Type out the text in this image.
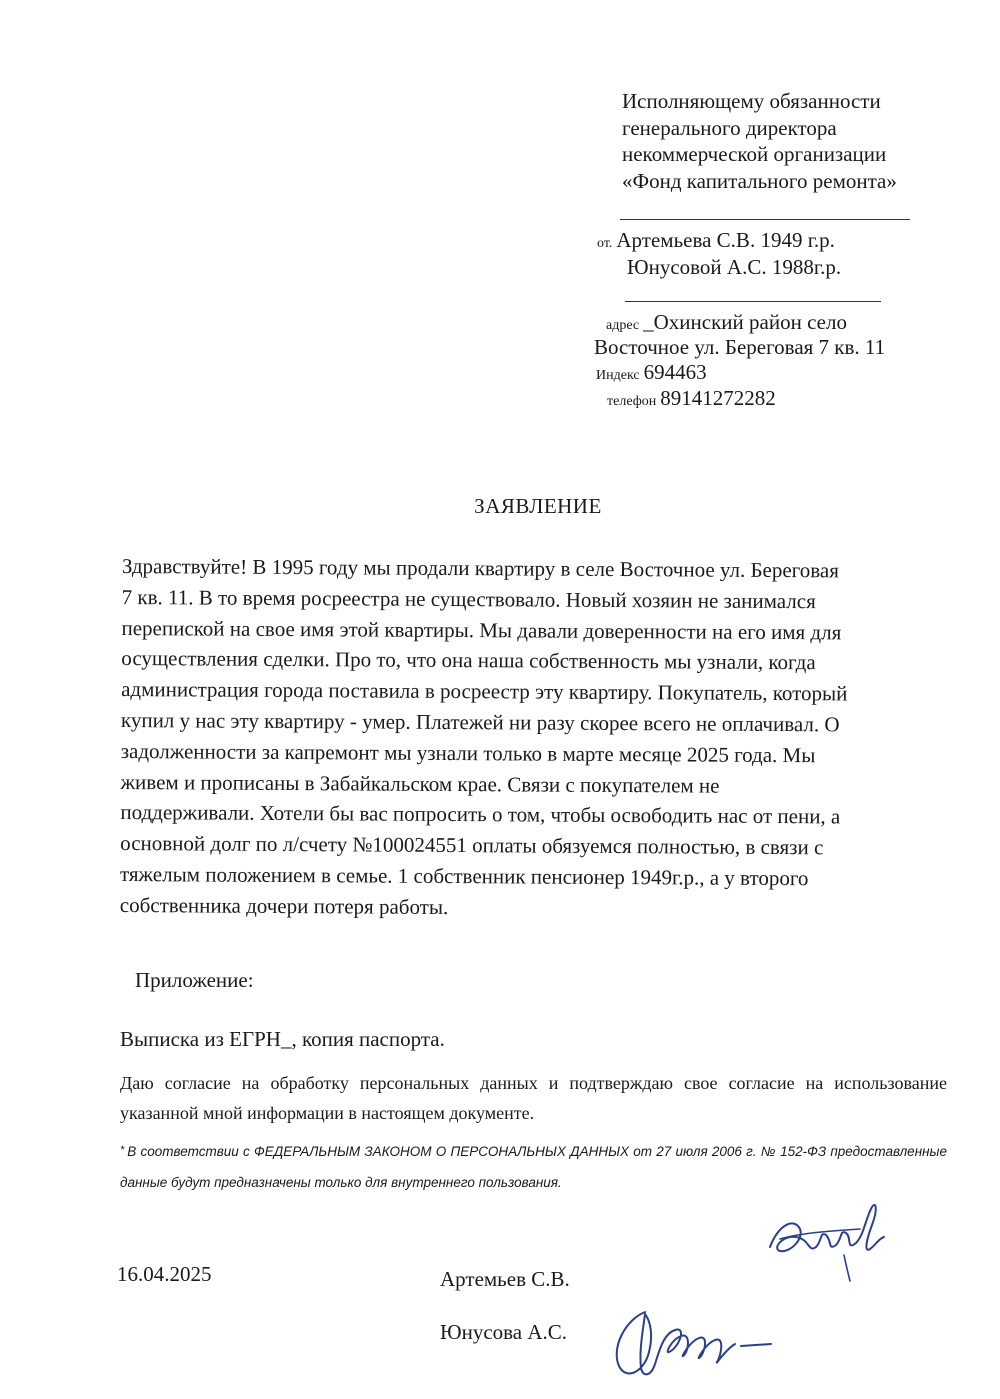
Исполняющему обязанности
генерального директора
некоммерческой организации
«Фонд капитального ремонта»
от. Артемьева С.В. 1949 г.р.
Юнусовой А.С. 1988г.р.
адрес _Охинский район село
Восточное ул. Береговая 7 кв. 11
Индекс 694463
телефон 89141272282
ЗАЯВЛЕНИЕ
Здравствуйте! В 1995 году мы продали квартиру в селе Восточное ул. Береговая
7 кв. 11. В то время росреестра не существовало. Новый хозяин не занимался
перепиской на свое имя этой квартиры. Мы давали доверенности на его имя для
осуществления сделки. Про то, что она наша собственность мы узнали, когда
администрация города поставила в росреестр эту квартиру. Покупатель, который
купил у нас эту квартиру - умер. Платежей ни разу скорее всего не оплачивал. О
задолженности за капремонт мы узнали только в марте месяце 2025 года. Мы
живем и прописаны в Забайкальском крае. Связи с покупателем не
поддерживали. Хотели бы вас попросить о том, чтобы освободить нас от пени, а
основной долг по л/счету №100024551 оплаты обязуемся полностью, в связи с
тяжелым положением в семье. 1 собственник пенсионер 1949г.р., а у второго
собственника дочери потеря работы.
Приложение:
Выписка из ЕГРН_, копия паспорта.
Даю согласие на обработку персональных данных и подтверждаю свое согласие на использование указанной мной информации в настоящем документе.
* В соответствии с ФЕДЕРАЛЬНЫМ ЗАКОНОМ О ПЕРСОНАЛЬНЫХ ДАННЫХ от 27 июля 2006 г. № 152-ФЗ предоставленные данные будут предназначены только для внутреннего пользования.
16.04.2025	Артемьев С.В.
Юнусова А.С.
